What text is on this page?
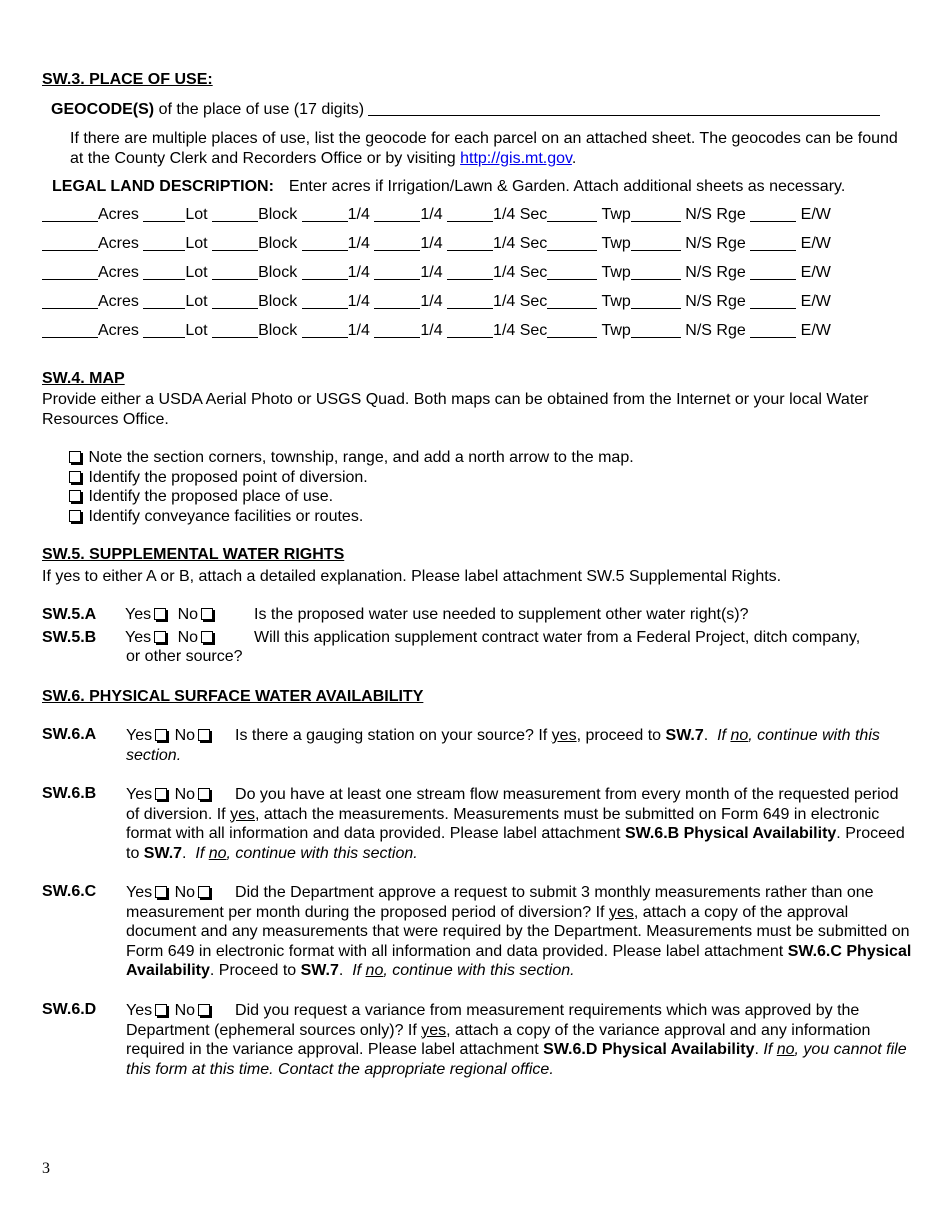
SW.3. PLACE OF USE:
GEOCODE(S) of the place of use (17 digits)
If there are multiple places of use, list the geocode for each parcel on an attached sheet. The geocodes can be found at the County Clerk and Recorders Office or by visiting http://gis.mt.gov.
LEGAL LAND DESCRIPTION: Enter acres if Irrigation/Lawn & Garden. Attach additional sheets as necessary.
Acres	Lot	Block	1/4	1/4	1/4 Sec	Twp	N/S Rge	E/W
Acres	Lot	Block	1/4	1/4	1/4 Sec	Twp	N/S Rge	E/W
Acres	Lot	Block	1/4	1/4	1/4 Sec	Twp	N/S Rge	E/W
Acres	Lot	Block	1/4	1/4	1/4 Sec	Twp	N/S Rge	E/W
Acres	Lot	Block	1/4	1/4	1/4 Sec	Twp	N/S Rge	E/W
SW.4. MAP
Provide either a USDA Aerial Photo or USGS Quad. Both maps can be obtained from the Internet or your local Water Resources Office.
Note the section corners, township, range, and add a north arrow to the map.
Identify the proposed point of diversion.
Identify the proposed place of use.
Identify conveyance facilities or routes.
SW.5. SUPPLEMENTAL WATER RIGHTS
If yes to either A or B, attach a detailed explanation. Please label attachment SW.5 Supplemental Rights.
SW.5.A Yes No	Is the proposed water use needed to supplement other water right(s)?
SW.5.B Yes No	Will this application supplement contract water from a Federal Project, ditch company,
or other source?
SW.6. PHYSICAL SURFACE WATER AVAILABILITY
SW.6.A Yes No	Is there a gauging station on your source? If yes, proceed to SW.7.  If no, continue with this section.
SW.6.B Yes No	Do you have at least one stream flow measurement from every month of the requested period of diversion. If yes, attach the measurements. Measurements must be submitted on Form 649 in electronic format with all information and data provided. Please label attachment SW.6.B Physical Availability. Proceed to SW.7.  If no, continue with this section.
SW.6.C Yes No	Did the Department approve a request to submit 3 monthly measurements rather than one measurement per month during the proposed period of diversion? If yes, attach a copy of the approval document and any measurements that were required by the Department. Measurements must be submitted on Form 649 in electronic format with all information and data provided. Please label attachment SW.6.C Physical Availability. Proceed to SW.7.  If no, continue with this section.
SW.6.D Yes No	Did you request a variance from measurement requirements which was approved by the Department (ephemeral sources only)? If yes, attach a copy of the variance approval and any information required in the variance approval. Please label attachment SW.6.D Physical Availability. If no, you cannot file this form at this time. Contact the appropriate regional office.
3
